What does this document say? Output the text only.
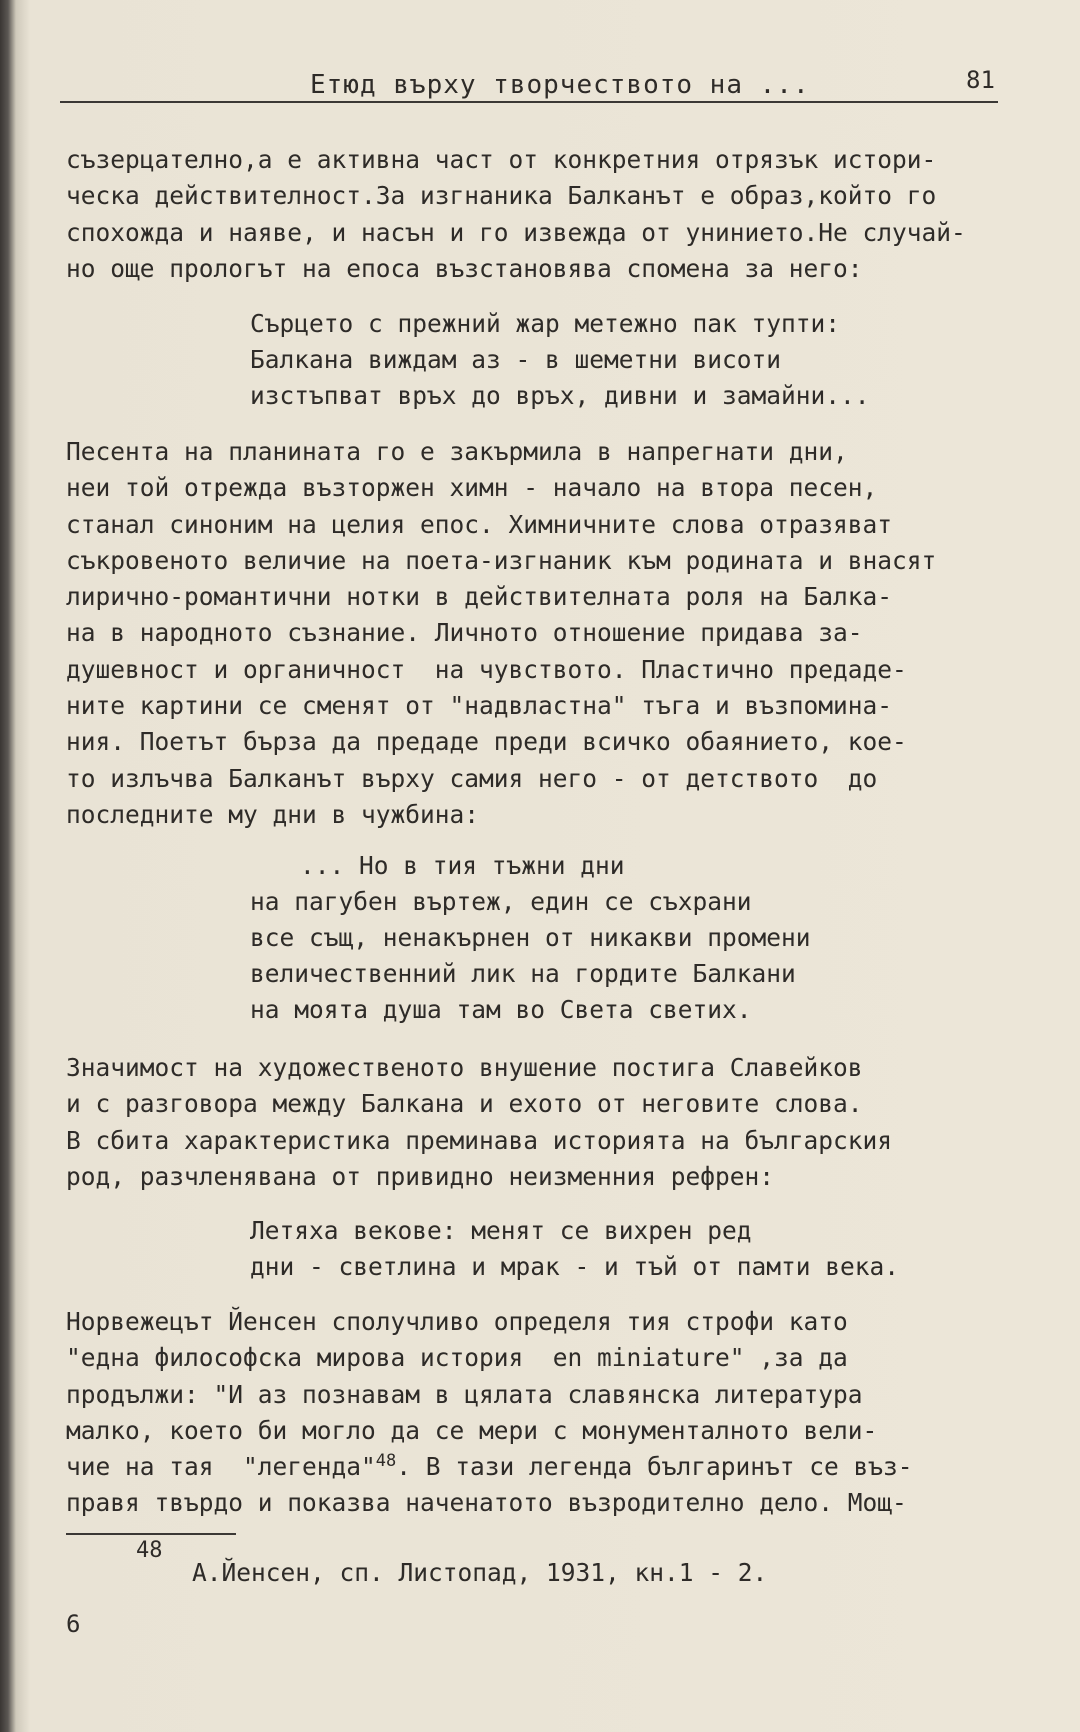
Етюд върху творчеството на ...	81
съзерцателно,а е активна част от конкретния отрязък истори-
ческа действителност.За изгнаника Балканът е образ,който го
спохожда и наяве, и насън и го извежда от унинието.Не случай-
но още прологът на епоса възстановява спомена за него:
Сърцето с прежний жар метежно пак тупти:
Балкана виждам аз - в шеметни висоти
изстъпват връх до връх, дивни и замайни...
Песента на планината го е закърмила в напрегнати дни,
неи той отрежда възторжен химн - начало на втора песен,
станал синоним на целия епос. Химничните слова отразяват
съкровеното величие на поета-изгнаник към родината и внасят
лирично-романтични нотки в действителната роля на Балка-
на в народното съзнание. Личното отношение придава за-
душевност и органичност  на чувството. Пластично предаде-
ните картини се сменят от "надвластна" тъга и възпомина-
ния. Поетът бърза да предаде преди всичко обаянието, кое-
то излъчва Балканът върху самия него - от детството  до
последните му дни в чужбина:
... Но в тия тъжни дни
на пагубен въртеж, един се съхрани
все същ, ненакърнен от никакви промени
величественний лик на гордите Балкани
на моята душа там во Света светих.
Значимост на художественото внушение постига Славейков
и с разговора между Балкана и ехото от неговите слова.
В сбита характеристика преминава историята на българския
род, разчленявана от привидно неизменния рефрен:
Летяха векове: менят се вихрен ред
дни - светлина и мрак - и тъй от памти века.
Норвежецът Йенсен сполучливо определя тия строфи като
"една философска мирова история  en miniature" ,за да
продължи: "И аз познавам в цялата славянска литература
малко, което би могло да се мери с монументалното вели-
чие на тая  "легенда"$^{48}$. В тази легенда българинът се въз-
правя твърдо и показва наченатото възродително дело. Мощ-
48
А.Йенсен, сп. Листопад, 1931, кн.1 - 2.
6
